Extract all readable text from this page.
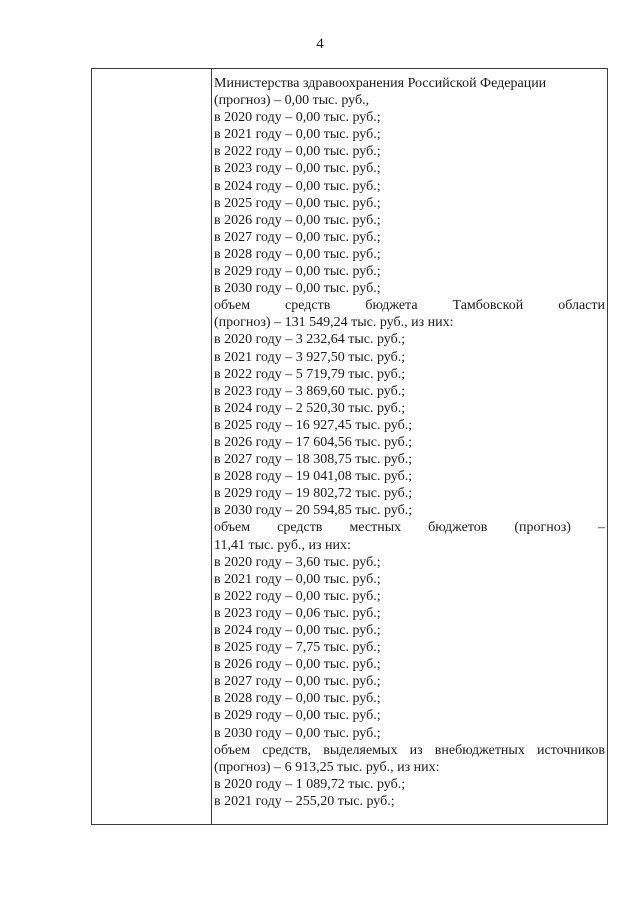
4
Министерства здравоохранения Российской Федерации
(прогноз) – 0,00 тыс. руб.,
в 2020 году – 0,00 тыс. руб.;
в 2021 году – 0,00 тыс. руб.;
в 2022 году – 0,00 тыс. руб.;
в 2023 году – 0,00 тыс. руб.;
в 2024 году – 0,00 тыс. руб.;
в 2025 году – 0,00 тыс. руб.;
в 2026 году – 0,00 тыс. руб.;
в 2027 году – 0,00 тыс. руб.;
в 2028 году – 0,00 тыс. руб.;
в 2029 году – 0,00 тыс. руб.;
в 2030 году – 0,00 тыс. руб.;
объем средств бюджета Тамбовской области
(прогноз) – 131 549,24 тыс. руб., из них:
в 2020 году – 3 232,64 тыс. руб.;
в 2021 году – 3 927,50 тыс. руб.;
в 2022 году – 5 719,79 тыс. руб.;
в 2023 году – 3 869,60 тыс. руб.;
в 2024 году – 2 520,30 тыс. руб.;
в 2025 году – 16 927,45 тыс. руб.;
в 2026 году – 17 604,56 тыс. руб.;
в 2027 году – 18 308,75 тыс. руб.;
в 2028 году – 19 041,08 тыс. руб.;
в 2029 году – 19 802,72 тыс. руб.;
в 2030 году – 20 594,85 тыс. руб.;
объем средств местных бюджетов (прогноз) –
11,41 тыс. руб., из них:
в 2020 году – 3,60 тыс. руб.;
в 2021 году – 0,00 тыс. руб.;
в 2022 году – 0,00 тыс. руб.;
в 2023 году – 0,06 тыс. руб.;
в 2024 году – 0,00 тыс. руб.;
в 2025 году – 7,75 тыс. руб.;
в 2026 году – 0,00 тыс. руб.;
в 2027 году – 0,00 тыс. руб.;
в 2028 году – 0,00 тыс. руб.;
в 2029 году – 0,00 тыс. руб.;
в 2030 году – 0,00 тыс. руб.;
объем средств, выделяемых из внебюджетных источников
(прогноз) – 6 913,25 тыс. руб., из них:
в 2020 году – 1 089,72 тыс. руб.;
в 2021 году – 255,20 тыс. руб.;
